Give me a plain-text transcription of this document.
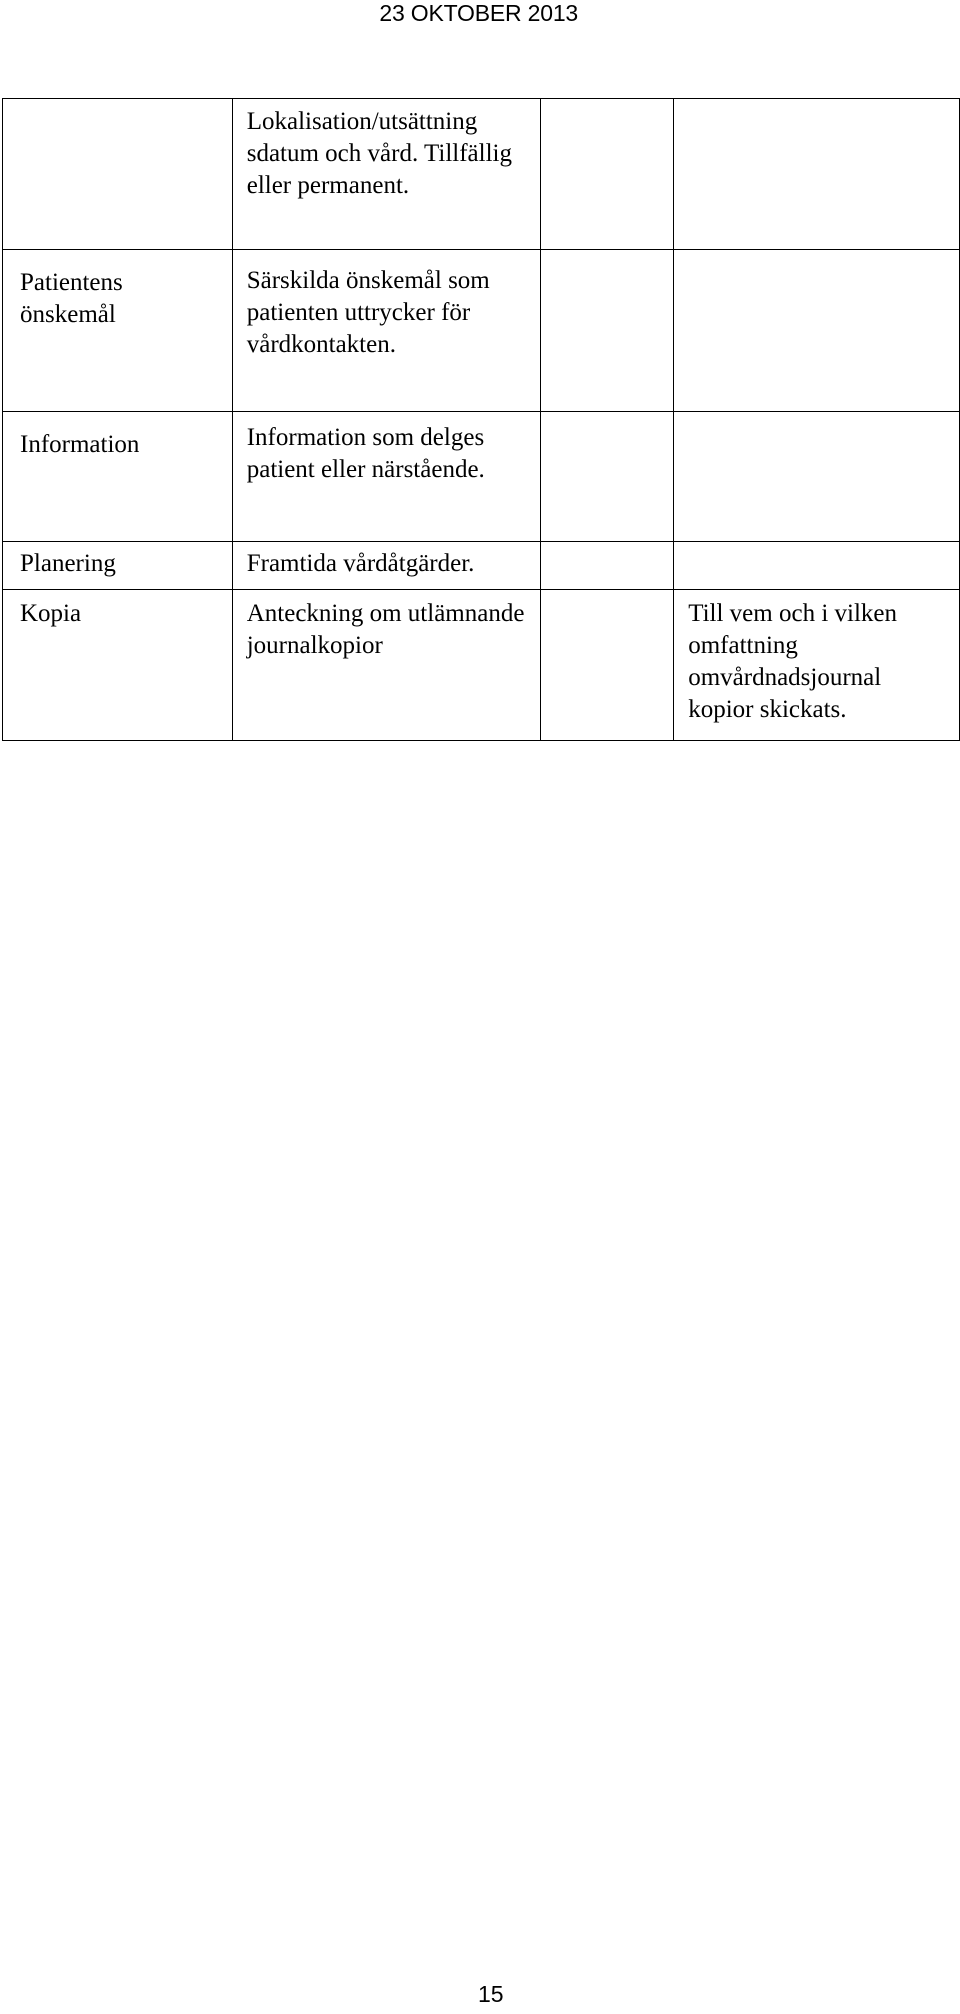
23 OKTOBER 2013
	Lokalisation/utsättning sdatum och vård. Tillfällig eller permanent.		
Patientens önskemål	Särskilda önskemål som patienten uttrycker för vårdkontakten.		
Information	Information som delges patient eller närstående.		
Planering	Framtida vårdåtgärder.		
Kopia	Anteckning om utlämnande journalkopior		Till vem och i vilken omfattning omvårdnadsjournal kopior skickats.
15
